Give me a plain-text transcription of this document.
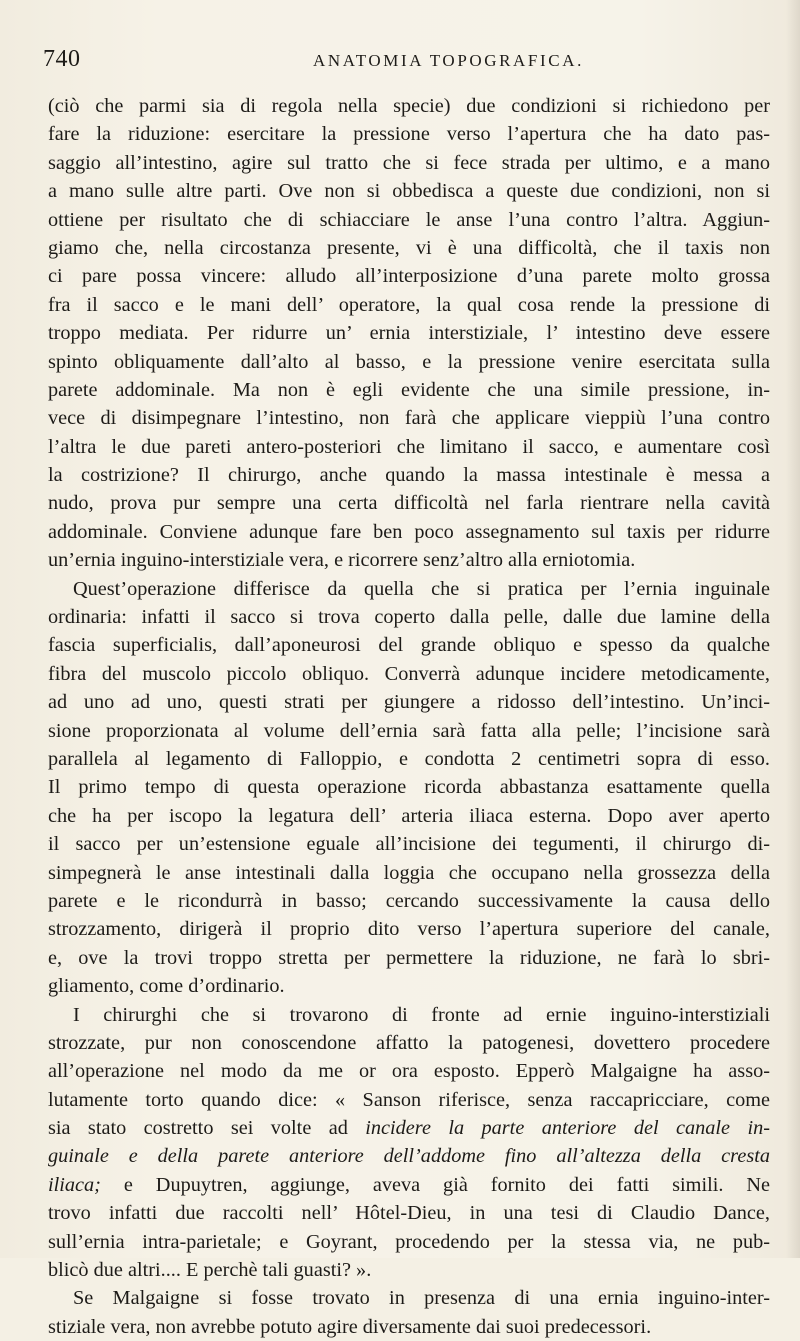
740	ANATOMIA TOPOGRAFICA.
(ciò che parmi sia di regola nella specie) due condizioni si richiedono per
fare la riduzione: esercitare la pressione verso l’apertura che ha dato pas-
saggio all’intestino, agire sul tratto che si fece strada per ultimo, e a mano
a mano sulle altre parti. Ove non si obbedisca a queste due condizioni, non si
ottiene per risultato che di schiacciare le anse l’una contro l’altra. Aggiun-
giamo che, nella circostanza presente, vi è una difficoltà, che il taxis non
ci pare possa vincere: alludo all’interposizione d’una parete molto grossa
fra il sacco e le mani dell’ operatore, la qual cosa rende la pressione di
troppo mediata. Per ridurre un’ ernia interstiziale, l’ intestino deve essere
spinto obliquamente dall’alto al basso, e la pressione venire esercitata sulla
parete addominale. Ma non è egli evidente che una simile pressione, in-
vece di disimpegnare l’intestino, non farà che applicare vieppiù l’una contro
l’altra le due pareti antero-posteriori che limitano il sacco, e aumentare così
la costrizione? Il chirurgo, anche quando la massa intestinale è messa a
nudo, prova pur sempre una certa difficoltà nel farla rientrare nella cavità
addominale. Conviene adunque fare ben poco assegnamento sul taxis per ridurre
un’ernia inguino-interstiziale vera, e ricorrere senz’altro alla erniotomia.
Quest’operazione differisce da quella che si pratica per l’ernia inguinale
ordinaria: infatti il sacco si trova coperto dalla pelle, dalle due lamine della
fascia superficialis, dall’aponeurosi del grande obliquo e spesso da qualche
fibra del muscolo piccolo obliquo. Converrà adunque incidere metodicamente,
ad uno ad uno, questi strati per giungere a ridosso dell’intestino. Un’inci-
sione proporzionata al volume dell’ernia sarà fatta alla pelle; l’incisione sarà
parallela al legamento di Falloppio, e condotta 2 centimetri sopra di esso.
Il primo tempo di questa operazione ricorda abbastanza esattamente quella
che ha per iscopo la legatura dell’ arteria iliaca esterna. Dopo aver aperto
il sacco per un’estensione eguale all’incisione dei tegumenti, il chirurgo di-
simpegnerà le anse intestinali dalla loggia che occupano nella grossezza della
parete e le ricondurrà in basso; cercando successivamente la causa dello
strozzamento, dirigerà il proprio dito verso l’apertura superiore del canale,
e, ove la trovi troppo stretta per permettere la riduzione, ne farà lo sbri-
gliamento, come d’ordinario.
I chirurghi che si trovarono di fronte ad ernie inguino-interstiziali
strozzate, pur non conoscendone affatto la patogenesi, dovettero procedere
all’operazione nel modo da me or ora esposto. Epperò Malgaigne ha asso-
lutamente torto quando dice: « Sanson riferisce, senza raccapricciare, come
sia stato costretto sei volte ad incidere la parte anteriore del canale in-
guinale e della parete anteriore dell’addome fino all’altezza della cresta
iliaca; e Dupuytren, aggiunge, aveva già fornito dei fatti simili. Ne
trovo infatti due raccolti nell’ Hôtel-Dieu, in una tesi di Claudio Dance,
sull’ernia intra-parietale; e Goyrant, procedendo per la stessa via, ne pub-
blicò due altri.... E perchè tali guasti? ».
Se Malgaigne si fosse trovato in presenza di una ernia inguino-inter-
stiziale vera, non avrebbe potuto agire diversamente dai suoi predecessori.
